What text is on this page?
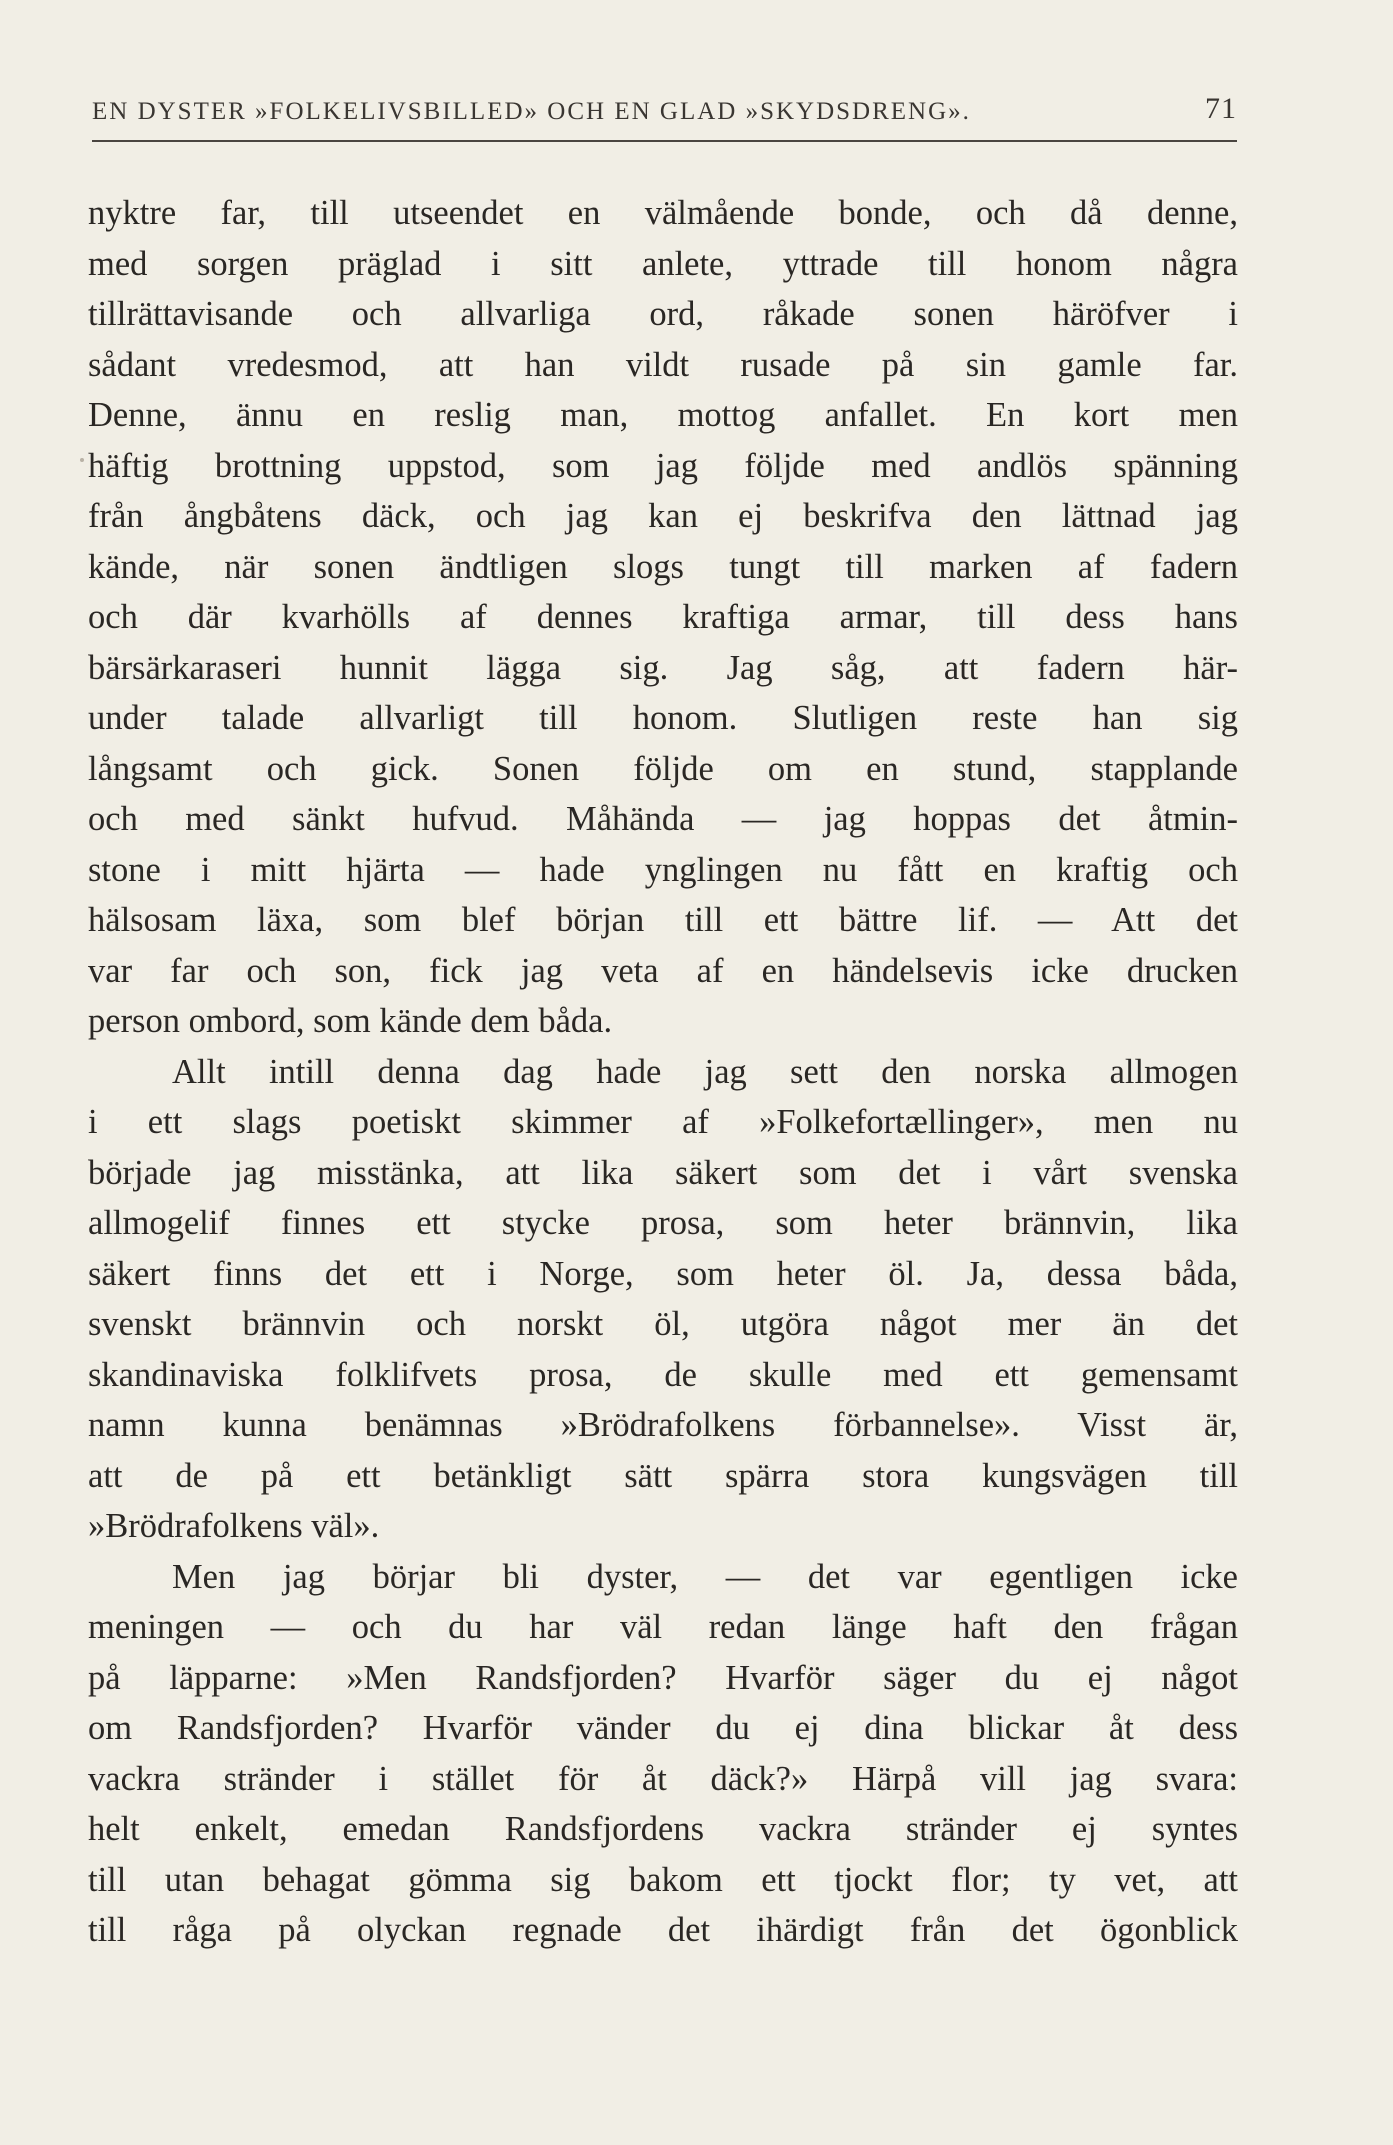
EN DYSTER »FOLKELIVSBILLED» OCH EN GLAD »SKYDSDRENG».	71
nyktre far, till utseendet en välmående bonde, och då denne,
med sorgen präglad i sitt anlete, yttrade till honom några
tillrättavisande och allvarliga ord, råkade sonen häröfver i
sådant vredesmod, att han vildt rusade på sin gamle far.
Denne, ännu en reslig man, mottog anfallet. En kort men
häftig brottning uppstod, som jag följde med andlös spänning
från ångbåtens däck, och jag kan ej beskrifva den lättnad jag
kände, när sonen ändtligen slogs tungt till marken af fadern
och där kvarhölls af dennes kraftiga armar, till dess hans
bärsärkaraseri hunnit lägga sig. Jag såg, att fadern här-
under talade allvarligt till honom. Slutligen reste han sig
långsamt och gick. Sonen följde om en stund, stapplande
och med sänkt hufvud. Måhända — jag hoppas det åtmin-
stone i mitt hjärta — hade ynglingen nu fått en kraftig och
hälsosam läxa, som blef början till ett bättre lif. — Att det
var far och son, fick jag veta af en händelsevis icke drucken
person ombord, som kände dem båda.
Allt intill denna dag hade jag sett den norska allmogen
i ett slags poetiskt skimmer af »Folkefortællinger», men nu
började jag misstänka, att lika säkert som det i vårt svenska
allmogelif finnes ett stycke prosa, som heter brännvin, lika
säkert finns det ett i Norge, som heter öl. Ja, dessa båda,
svenskt brännvin och norskt öl, utgöra något mer än det
skandinaviska folklifvets prosa, de skulle med ett gemensamt
namn kunna benämnas »Brödrafolkens förbannelse». Visst är,
att de på ett betänkligt sätt spärra stora kungsvägen till
»Brödrafolkens väl».
Men jag börjar bli dyster, — det var egentligen icke
meningen — och du har väl redan länge haft den frågan
på läpparne: »Men Randsfjorden? Hvarför säger du ej något
om Randsfjorden? Hvarför vänder du ej dina blickar åt dess
vackra stränder i stället för åt däck?» Härpå vill jag svara:
helt enkelt, emedan Randsfjordens vackra stränder ej syntes
till utan behagat gömma sig bakom ett tjockt flor; ty vet, att
till råga på olyckan regnade det ihärdigt från det ögonblick
